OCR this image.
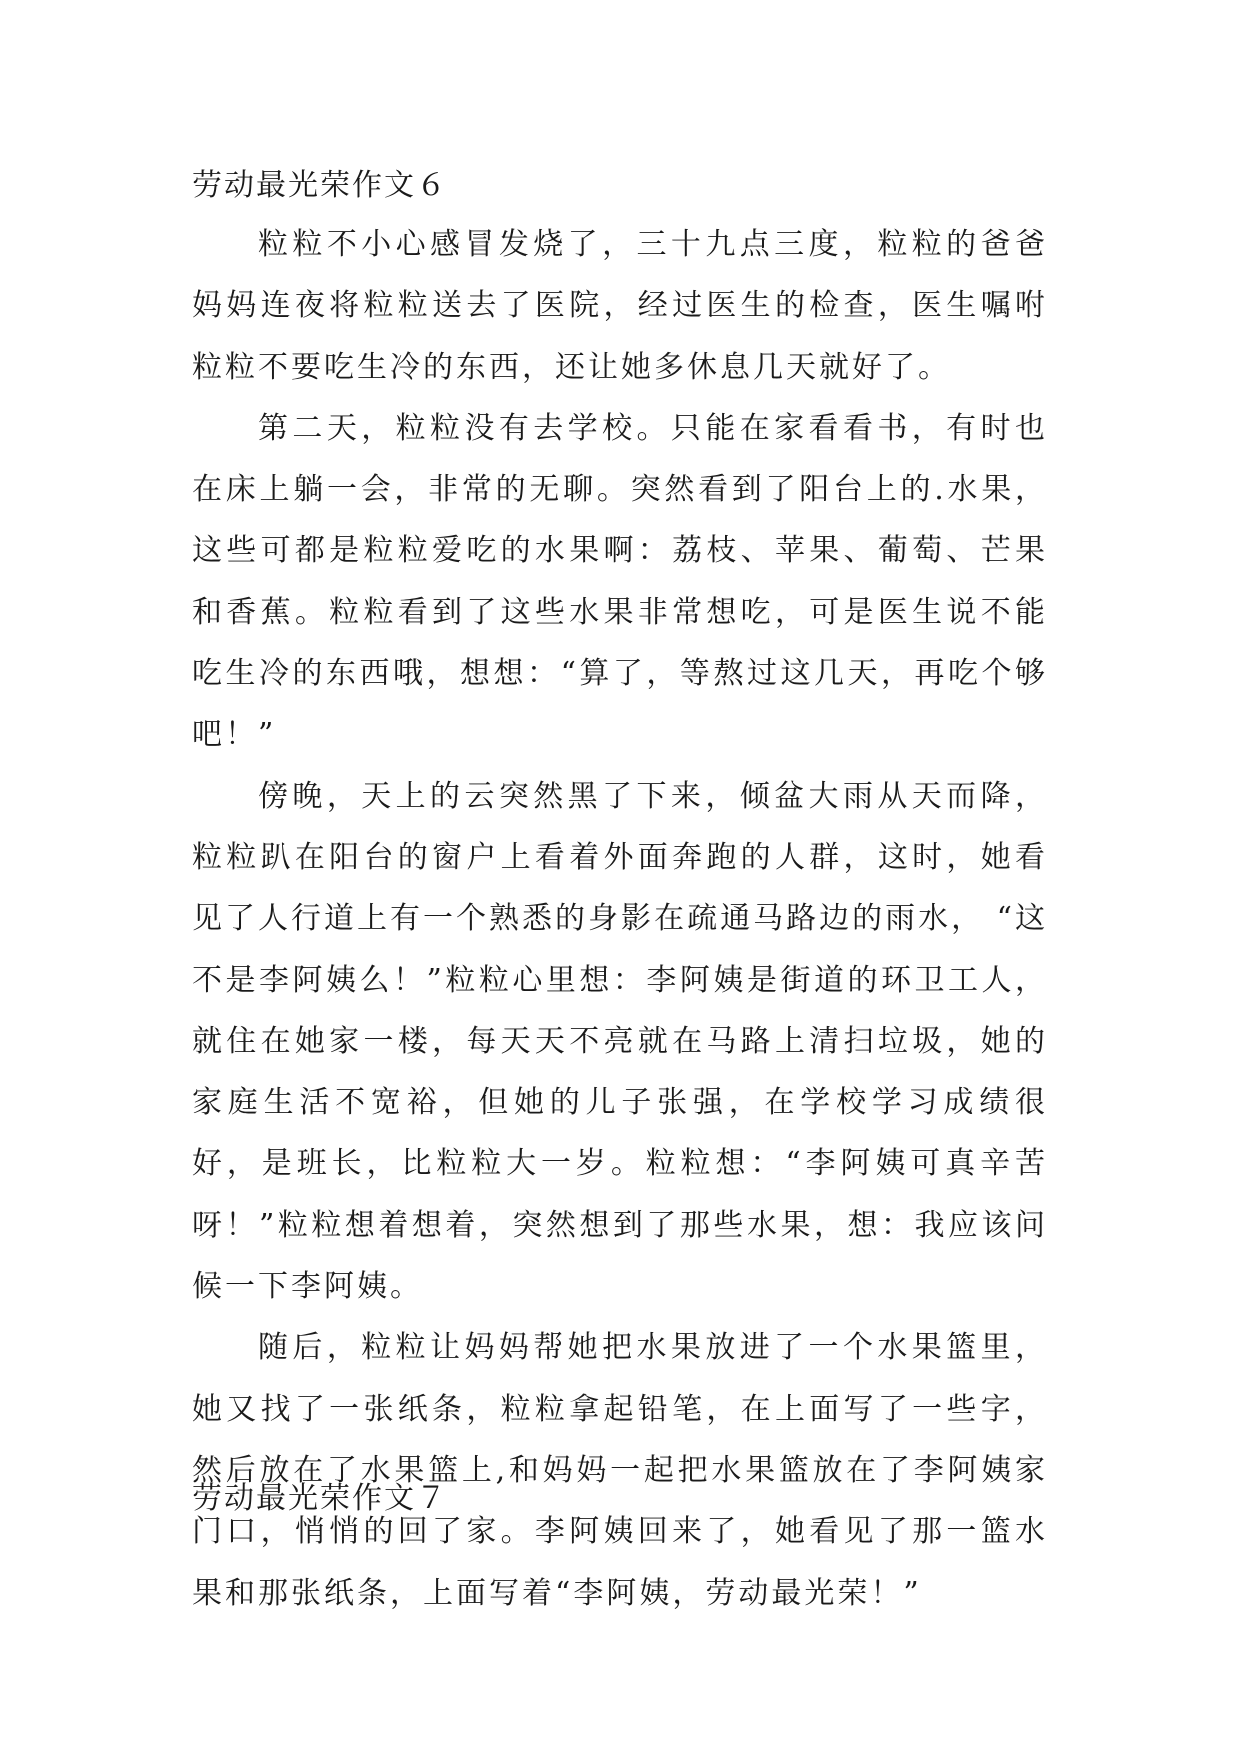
劳动最光荣作文６

粒粒不小心感冒发烧了，三十九点三度，粒粒的爸爸妈妈连夜将粒粒送去了医院，经过医生的检查，医生嘱咐粒粒不要吃生冷的东西，还让她多休息几天就好了。

第二天，粒粒没有去学校。只能在家看看书，有时也在床上躺一会，非常的无聊。突然看到了阳台上的.水果，这些可都是粒粒爱吃的水果啊：荔枝、苹果、葡萄、芒果和香蕉。粒粒看到了这些水果非常想吃，可是医生说不能吃生冷的东西哦，想想：“算了，等熬过这几天，再吃个够吧！”

傍晚，天上的云突然黑了下来，倾盆大雨从天而降，粒粒趴在阳台的窗户上看着外面奔跑的人群，这时，她看见了人行道上有一个熟悉的身影在疏通马路边的雨水， “这不是李阿姨么！”粒粒心里想：李阿姨是街道的环卫工人，就住在她家一楼，每天天不亮就在马路上清扫垃圾，她的家庭生活不宽裕，但她的儿子张强，在学校学习成绩很好，是班长，比粒粒大一岁。粒粒想：“李阿姨可真辛苦呀！”粒粒想着想着，突然想到了那些水果，想：我应该问候一下李阿姨。

随后，粒粒让妈妈帮她把水果放进了一个水果篮里，她又找了一张纸条，粒粒拿起铅笔，在上面写了一些字，然后放在了水果篮上,和妈妈一起把水果篮放在了李阿姨家门口，悄悄的回了家。李阿姨回来了，她看见了那一篮水果和那张纸条，上面写着“李阿姨，劳动最光荣！”

劳动最光荣作文７
